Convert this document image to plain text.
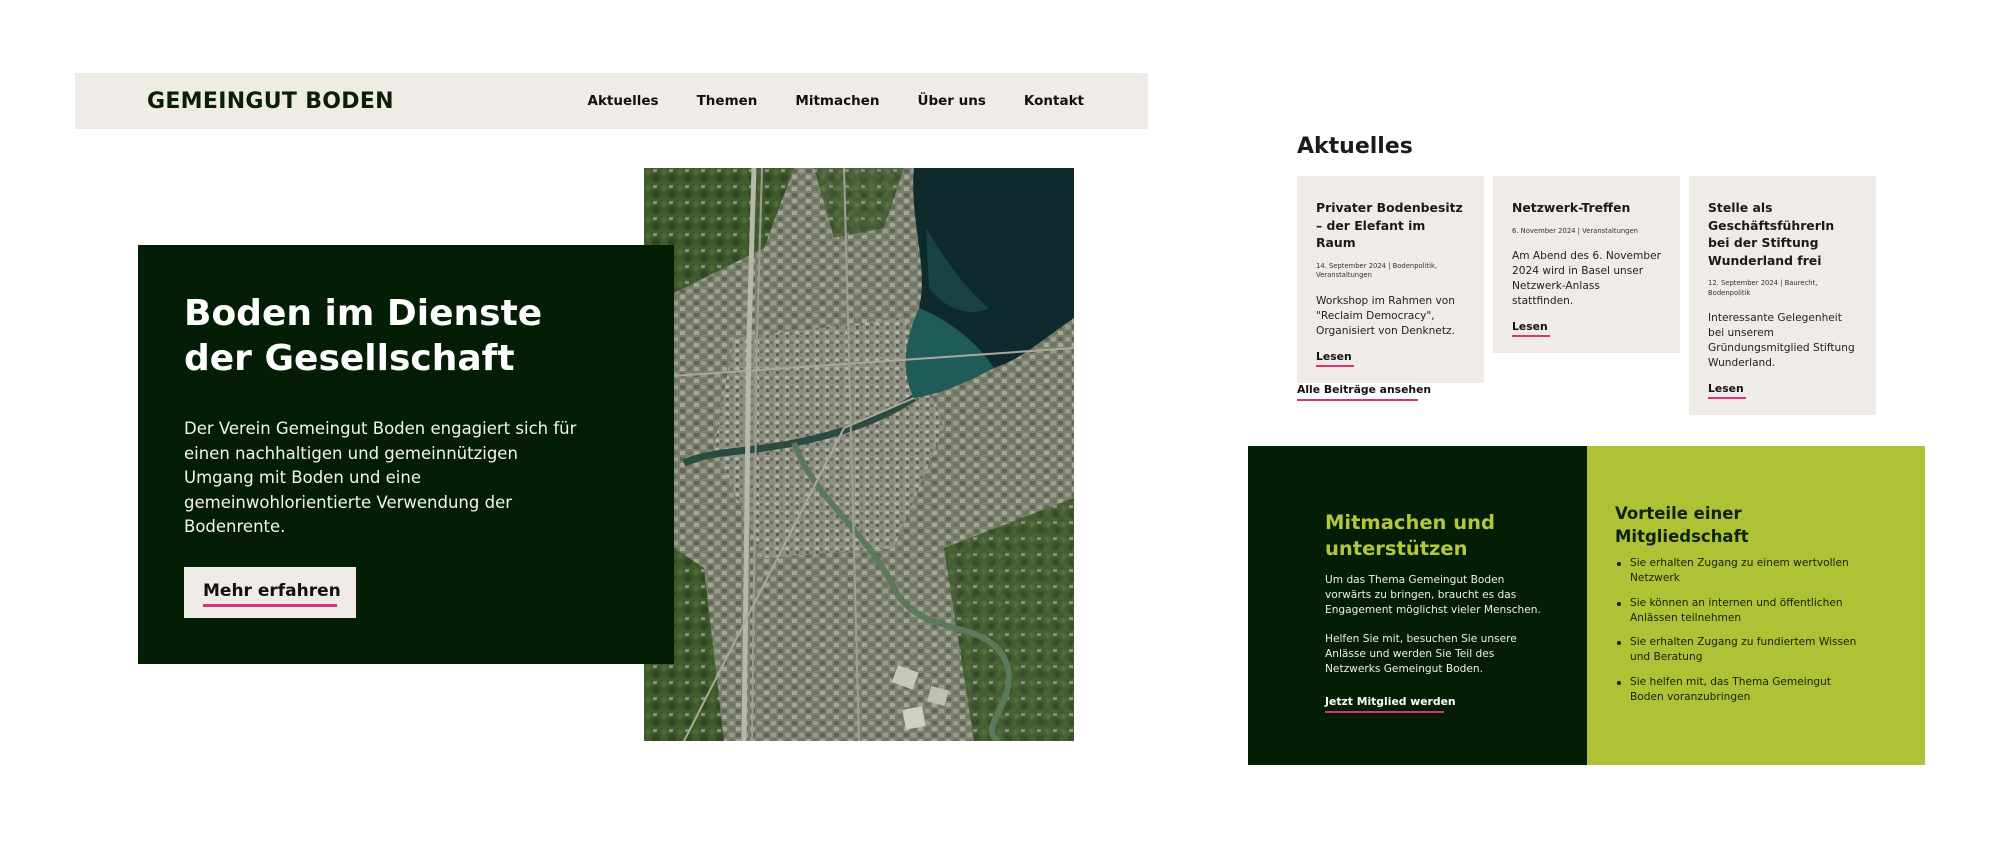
GEMEINGUT BODEN	Aktuelles	Themen	Mitmachen	Über uns	Kontakt
Boden im Dienste der Gesellschaft

Der Verein Gemeingut Boden engagiert sich für einen nachhaltigen und gemeinnützigen Umgang mit Boden und eine gemeinwohlorientierte Verwendung der Bodenrente.

Mehr erfahren
Aktuelles

Privater Bodenbesitz – der Elefant im Raum

14. September 2024 | Bodenpolitik, Veranstaltungen

Workshop im Rahmen von "Reclaim Democracy", Organisiert von Denknetz.

Lesen

Netzwerk-Treffen

6. November 2024 | Veranstaltungen

Am Abend des 6. November 2024 wird in Basel unser Netzwerk-Anlass stattfinden.

Lesen

Stelle als GeschäftsführerIn bei der Stiftung Wunderland frei

12. September 2024 | Baurecht, Bodenpolitik

Interessante Gelegenheit bei unserem Gründungsmitglied Stiftung Wunderland.

Lesen
Alle Beiträge ansehen
Mitmachen und unterstützen

Um das Thema Gemeingut Boden vorwärts zu bringen, braucht es das Engagement möglichst vieler Menschen.

Helfen Sie mit, besuchen Sie unsere Anlässe und werden Sie Teil des Netzwerks Gemeingut Boden.

Jetzt Mitglied werden
Vorteile einer Mitgliedschaft
Sie erhalten Zugang zu einem wertvollen Netzwerk
Sie können an internen und öffentlichen Anlässen teilnehmen
Sie erhalten Zugang zu fundiertem Wissen und Beratung
Sie helfen mit, das Thema Gemeingut Boden voranzubringen
